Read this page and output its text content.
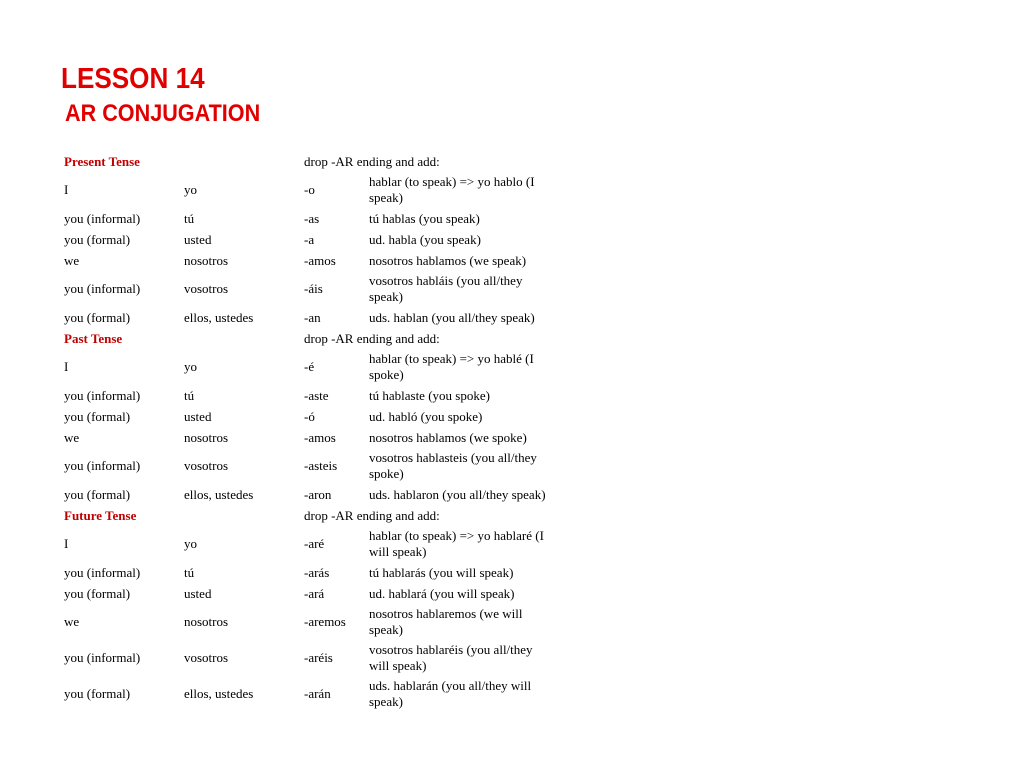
LESSON 14
AR CONJUGATION
Present Tense		drop -AR ending and add:	
I	yo	-o	hablar (to speak) => yo hablo (I speak)
you (informal)	tú	-as	tú hablas (you speak)
you (formal)	usted	-a	ud. habla (you speak)
we	nosotros	-amos	nosotros hablamos (we speak)
you (informal)	vosotros	-áis	vosotros habláis (you all/they speak)
you (formal)	ellos, ustedes	-an	uds. hablan (you all/they speak)
Past Tense		drop -AR ending and add:	
I	yo	-é	hablar (to speak) => yo hablé (I spoke)
you (informal)	tú	-aste	tú hablaste (you spoke)
you (formal)	usted	-ó	ud. habló (you spoke)
we	nosotros	-amos	nosotros hablamos (we spoke)
you (informal)	vosotros	-asteis	vosotros hablasteis (you all/they spoke)
you (formal)	ellos, ustedes	-aron	uds. hablaron (you all/they speak)
Future Tense		drop -AR ending and add:	
I	yo	-aré	hablar (to speak) => yo hablaré (I will speak)
you (informal)	tú	-arás	tú hablarás (you will speak)
you (formal)	usted	-ará	ud. hablará (you will speak)
we	nosotros	-aremos	nosotros hablaremos (we will speak)
you (informal)	vosotros	-aréis	vosotros hablaréis (you all/they will speak)
you (formal)	ellos, ustedes	-arán	uds. hablarán (you all/they will speak)
